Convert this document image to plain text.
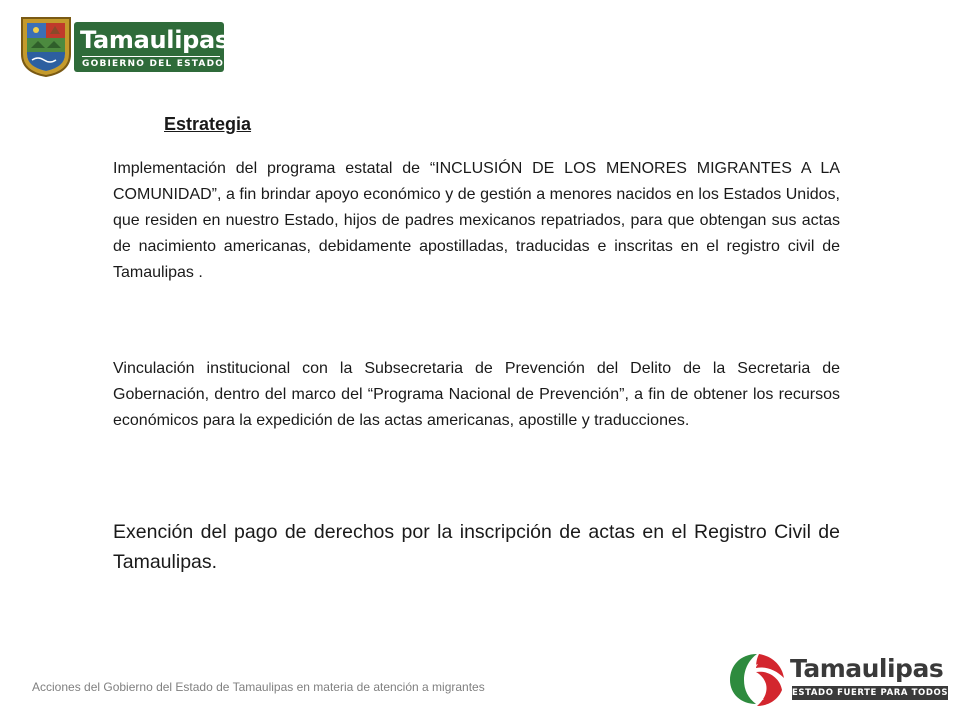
Tamaulipas
GOBIERNO DEL ESTADO
Estrategia

Implementación del programa estatal de “INCLUSIÓN DE LOS MENORES MIGRANTES A LA COMUNIDAD”, a fin brindar apoyo económico y de gestión a menores nacidos en los Estados Unidos, que residen en nuestro Estado, hijos de padres mexicanos repatriados, para que obtengan sus actas de nacimiento americanas, debidamente apostilladas, traducidas e inscritas en el registro civil de Tamaulipas .

Vinculación institucional con la Subsecretaria de Prevención del Delito de la Secretaria de Gobernación, dentro del marco del “Programa Nacional de Prevención”, a fin de obtener los recursos económicos para la expedición de las actas americanas, apostille y traducciones.

Exención del pago de derechos por la inscripción de actas en el Registro Civil de Tamaulipas.

Acciones del Gobierno del Estado de Tamaulipas en materia de atención a migrantes
Tamaulipas
ESTADO FUERTE PARA TODOS
